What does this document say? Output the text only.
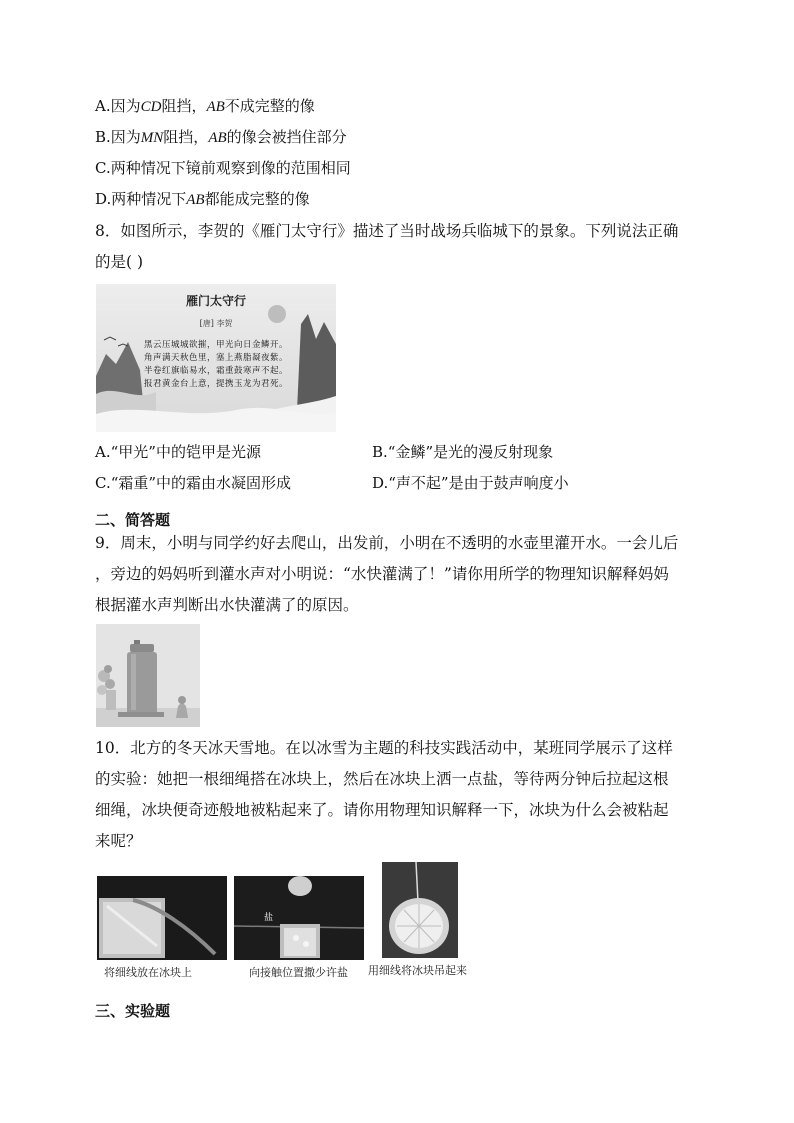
A.因为CD阻挡，AB不成完整的像
B.因为MN阻挡，AB的像会被挡住部分
C.两种情况下镜前观察到像的范围相同
D.两种情况下AB都能成完整的像
8．如图所示，李贺的《雁门太守行》描述了当时战场兵临城下的景象。下列说法正确
的是( )
雁门太守行
[唐] 李贺
黑云压城城欲摧，甲光向日金鳞开。
角声满天秋色里，塞上燕脂凝夜紫。
半卷红旗临易水，霜重鼓寒声不起。
报君黄金台上意，提携玉龙为君死。
A.“甲光”中的铠甲是光源	B.“金鳞”是光的漫反射现象
C.“霜重”中的霜由水凝固形成	D.“声不起”是由于鼓声响度小
二、简答题
9．周末，小明与同学约好去爬山，出发前，小明在不透明的水壶里灌开水。一会儿后
，旁边的妈妈听到灌水声对小明说：“水快灌满了！”请你用所学的物理知识解释妈妈
根据灌水声判断出水快灌满了的原因。
10．北方的冬天冰天雪地。在以冰雪为主题的科技实践活动中，某班同学展示了这样
的实验：她把一根细绳搭在冰块上，然后在冰块上洒一点盐，等待两分钟后拉起这根
细绳，冰块便奇迹般地被粘起来了。请你用物理知识解释一下，冰块为什么会被粘起
来呢？
盐
将细线放在冰块上	向接触位置撒少许盐 用细线将冰块吊起来
三、实验题
